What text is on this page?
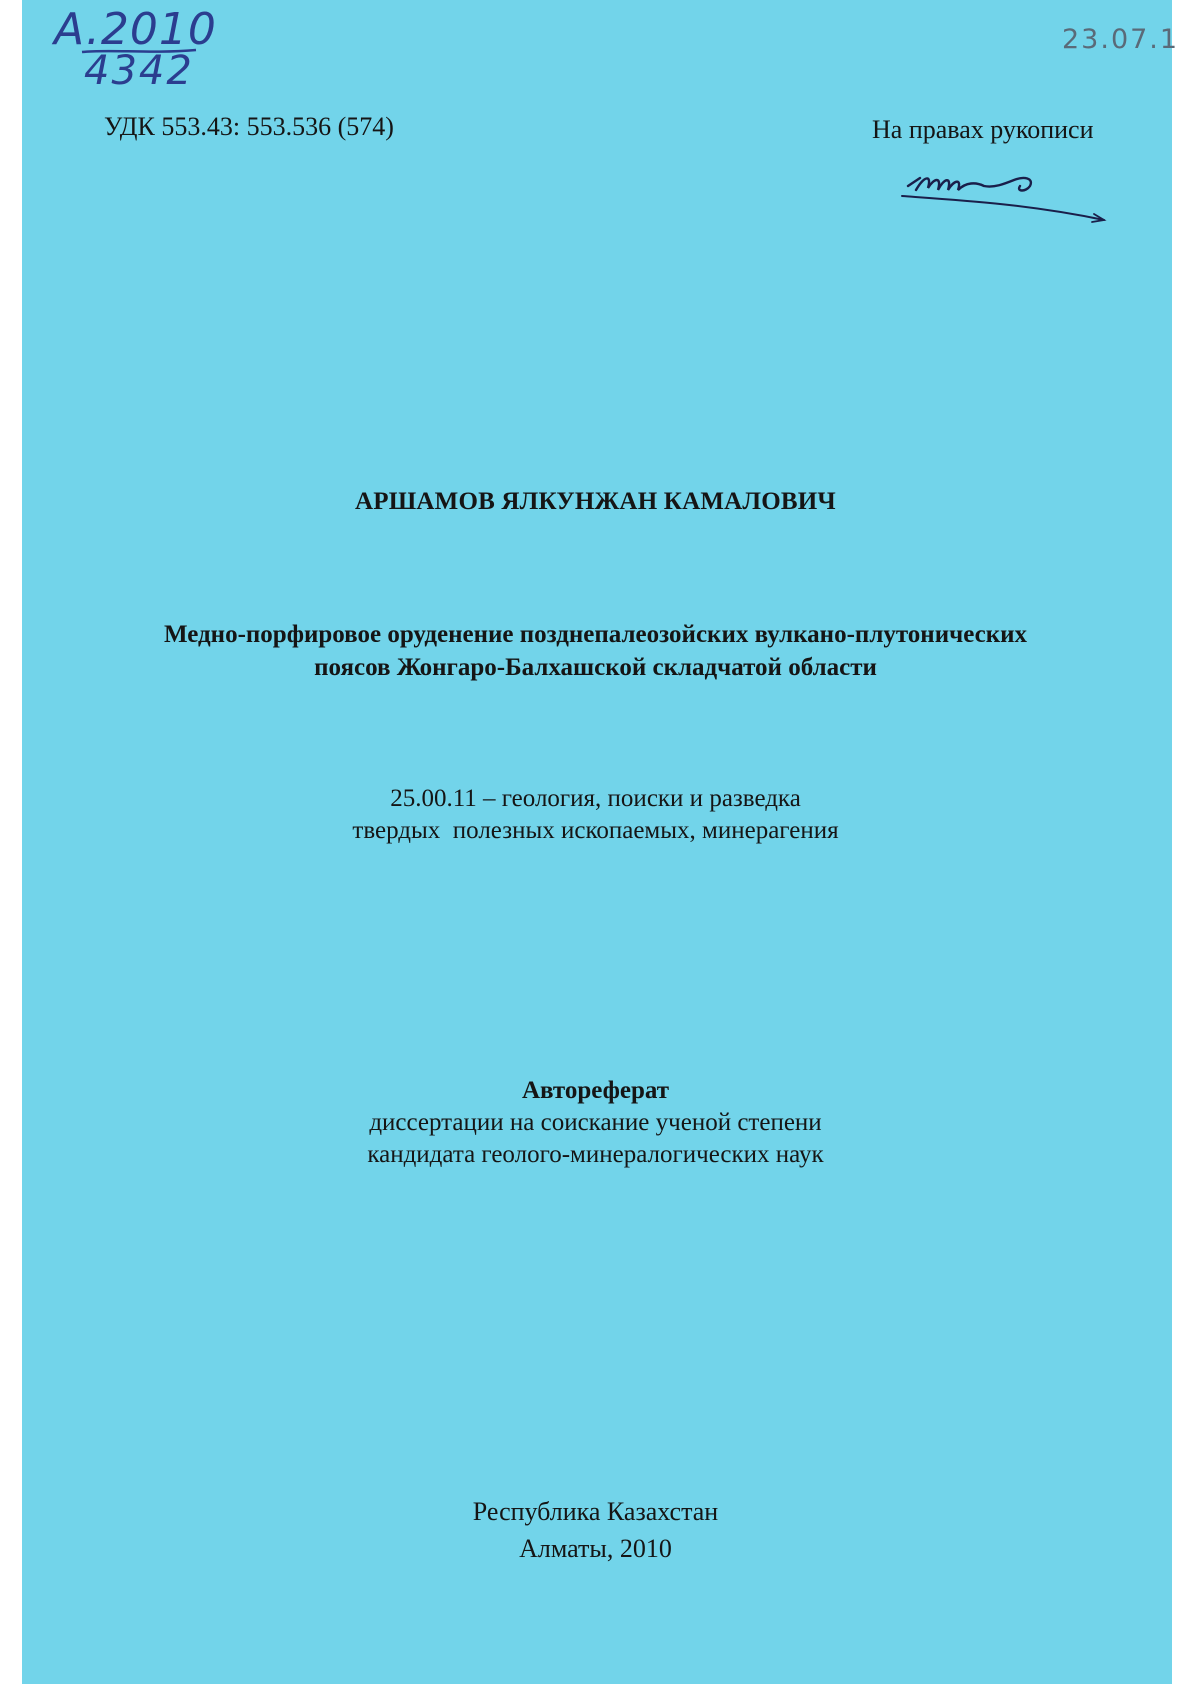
A.2010
4342
23.07.1
УДК 553.43: 553.536 (574)	На правах рукописи
АРШАМОВ ЯЛКУНЖАН КАМАЛОВИЧ
Медно-порфировое оруденение позднепалеозойских вулкано-плутонических
поясов Жонгаро-Балхашской складчатой области
25.00.11 – геология, поиски и разведка
твердых  полезных ископаемых, минерагения
Автореферат
диссертации на соискание ученой степени
кандидата геолого-минералогических наук
Республика Казахстан
Алматы, 2010
